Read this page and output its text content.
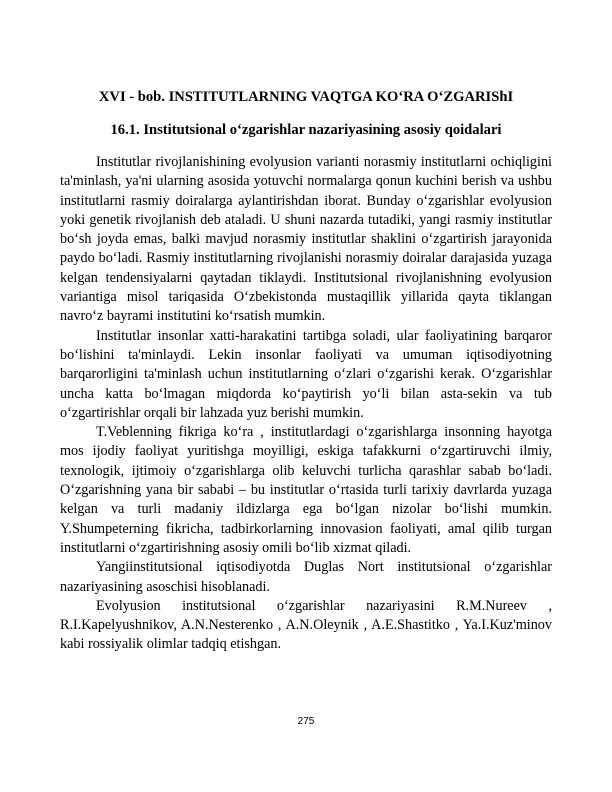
XVI - bob. INSTITUTLARNING VAQTGA KO‘RA O‘ZGARIShI
16.1. Institutsional o‘zgarishlar nazariyasining asosiy qoidalari

Institutlar rivojlanishining evolyusion varianti norasmiy institutlarni ochiqligini ta'minlash, ya'ni ularning asosida yotuvchi normalarga qonun kuchini berish va ushbu institutlarni rasmiy doiralarga aylantirishdan iborat. Bunday o‘zgarishlar evolyusion yoki genetik rivojlanish deb ataladi. U shuni nazarda tutadiki, yangi rasmiy institutlar bo‘sh joyda emas, balki mavjud norasmiy institutlar shaklini o‘zgartirish jarayonida paydo bo‘ladi. Rasmiy institutlarning rivojlanishi norasmiy doiralar darajasida yuzaga kelgan tendensiyalarni qaytadan tiklaydi. Institutsional rivojlanishning evolyusion variantiga misol tariqasida O‘zbekistonda mustaqillik yillarida qayta tiklangan navro‘z bayrami institutini ko‘rsatish mumkin.

Institutlar insonlar xatti-harakatini tartibga soladi, ular faoliyatining barqaror bo‘lishini ta'minlaydi. Lekin insonlar faoliyati va umuman iqtisodiyotning barqarorligini ta'minlash uchun institutlarning o‘zlari o‘zgarishi kerak. O‘zgarishlar uncha katta bo‘lmagan miqdorda ko‘paytirish yo‘li bilan asta-sekin va tub o‘zgartirishlar orqali bir lahzada yuz berishi mumkin.

T.Veblenning fikriga ko‘ra , institutlardagi o‘zgarishlarga insonning hayotga mos ijodiy faoliyat yuritishga moyilligi, eskiga tafakkurni o‘zgartiruvchi ilmiy, texnologik, ijtimoiy o‘zgarishlarga olib keluvchi turlicha qarashlar sabab bo‘ladi. O‘zgarishning yana bir sababi – bu institutlar o‘rtasida turli tarixiy davrlarda yuzaga kelgan va turli madaniy ildizlarga ega bo‘lgan nizolar bo‘lishi mumkin. Y.Shumpeterning fikricha, tadbirkorlarning innovasion faoliyati, amal qilib turgan institutlarni o‘zgartirishning asosiy omili bo‘lib xizmat qiladi.

Yangiinstitutsional iqtisodiyotda Duglas Nort institutsional o‘zgarishlar nazariyasining asoschisi hisoblanadi.

Evolyusion institutsional o‘zgarishlar nazariyasini R.M.Nureev , R.I.Kapelyushnikov, A.N.Nesterenko , A.N.Oleynik , A.E.Shastitko , Ya.I.Kuz'minov kabi rossiyalik olimlar tadqiq etishgan.

275
